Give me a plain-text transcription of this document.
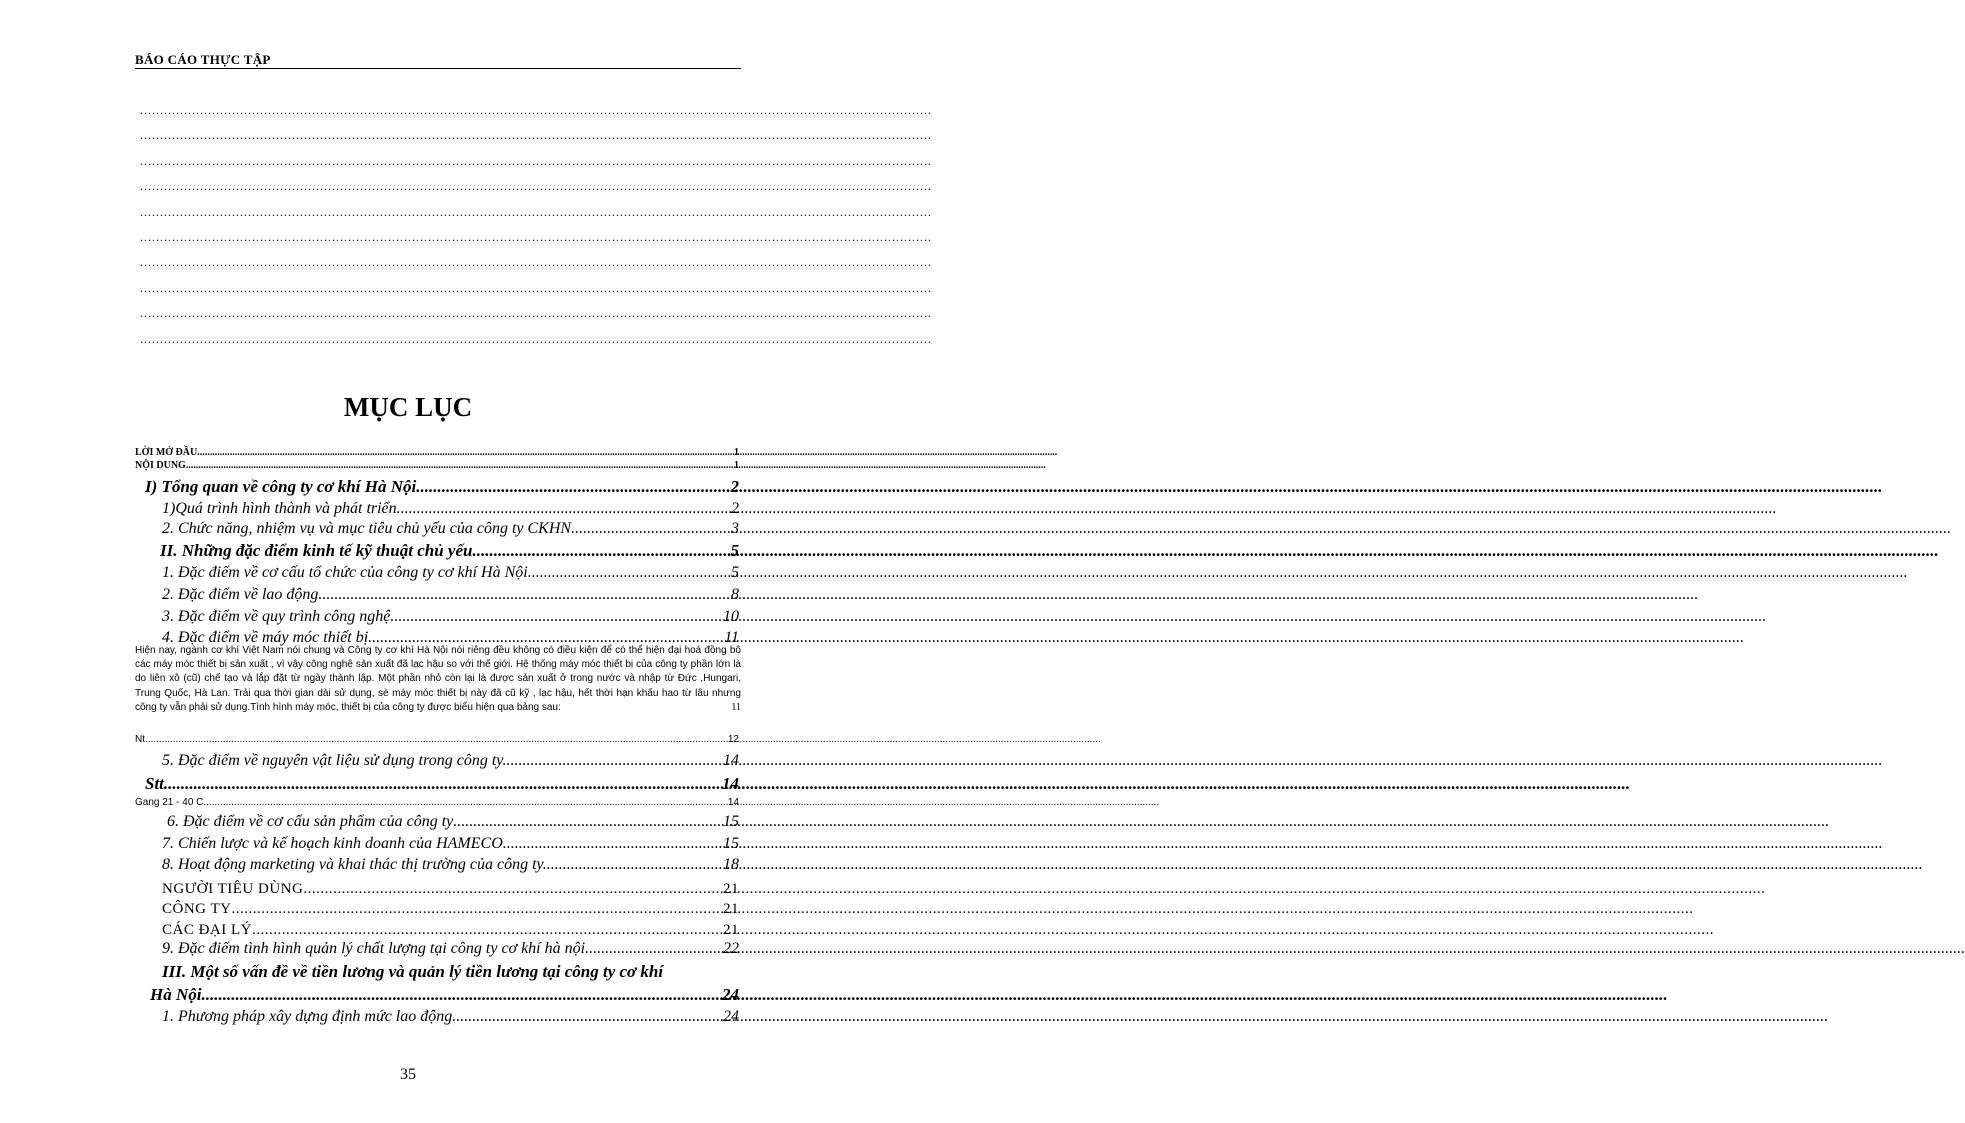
BÁO CÁO THỰC TẬP
......................................................................................................................................................................................................
......................................................................................................................................................................................................
......................................................................................................................................................................................................
......................................................................................................................................................................................................
......................................................................................................................................................................................................
......................................................................................................................................................................................................
......................................................................................................................................................................................................
......................................................................................................................................................................................................
......................................................................................................................................................................................................
......................................................................................................................................................................................................
MỤC LỤC
LỜI MỞ ĐẦU .....	1
NỘI DUNG .....	1
I) Tổng quan về công ty cơ khí Hà Nội. .....	2
1)Quá trình hình thành và phát triển. .....	2
2. Chức năng, nhiệm vụ và mục tiêu chủ yếu của công ty CKHN. .....	3
II. Những đặc điểm kinh tế kỹ thuật chủ yếu. .....	5
1. Đặc điểm về cơ cấu tổ chức của công ty cơ khí Hà Nội. .....	5
2. Đặc điểm về lao động. .....	8
3. Đặc điểm về quy trình công nghệ .....	10
4. Đặc điểm về máy móc thiết bị .....	11
Nt .....	12
5. Đặc điểm về nguyên vật liệu sử dụng trong công ty. .....	14
Stt. .....	14
Gang 21 - 40 C .....	14
6. Đặc điểm về cơ cấu sản phẩm của công ty .....	15
7. Chiến lược và kế hoạch kinh doanh của HAMECO. .....	15
8. Hoạt động marketing và khai thác thị trường của công ty. .....	18
NGƯỜI TIÊU DÙNG .....	21
CÔNG TY .....	21
CÁC ĐẠI LÝ .....	21
9. Đặc điểm tình hình quản lý chất lượng tại công ty cơ khí hà nội. .....	22
III. Một số vấn đề về tiền lương và quản lý tiền lương tại công ty cơ khí
Hà Nội. .....	24
1. Phương pháp xây dựng định mức lao động .....	24
Hiện nay, ngành cơ khí Việt Nam nói chung và Công ty cơ khí Hà Nội nói riêng đều không có điều kiện để có thể hiện đại hoá đồng bộ các máy móc thiết bị sản xuất , vì vậy công nghệ sản xuất đã lạc hậu so với thế giới. Hệ thống máy móc thiết bị của công ty phần lớn là do liên xô (cũ) chế tạo và lắp đặt từ ngày thành lập. Một phần nhỏ còn lại là được sản xuất ở trong nước và nhập từ Đức ,Hungari, Trung Quốc, Hà Lan. Trải qua thời gian dài sử dụng, sè máy móc thiết bị này đã cũ kỹ , lạc hậu, hết thời hạn khấu hao từ lâu nhưng công ty vẫn phải sử dụng.Tình hình máy móc, thiết bị của công ty được biểu hiện qua bảng sau:	11
35
